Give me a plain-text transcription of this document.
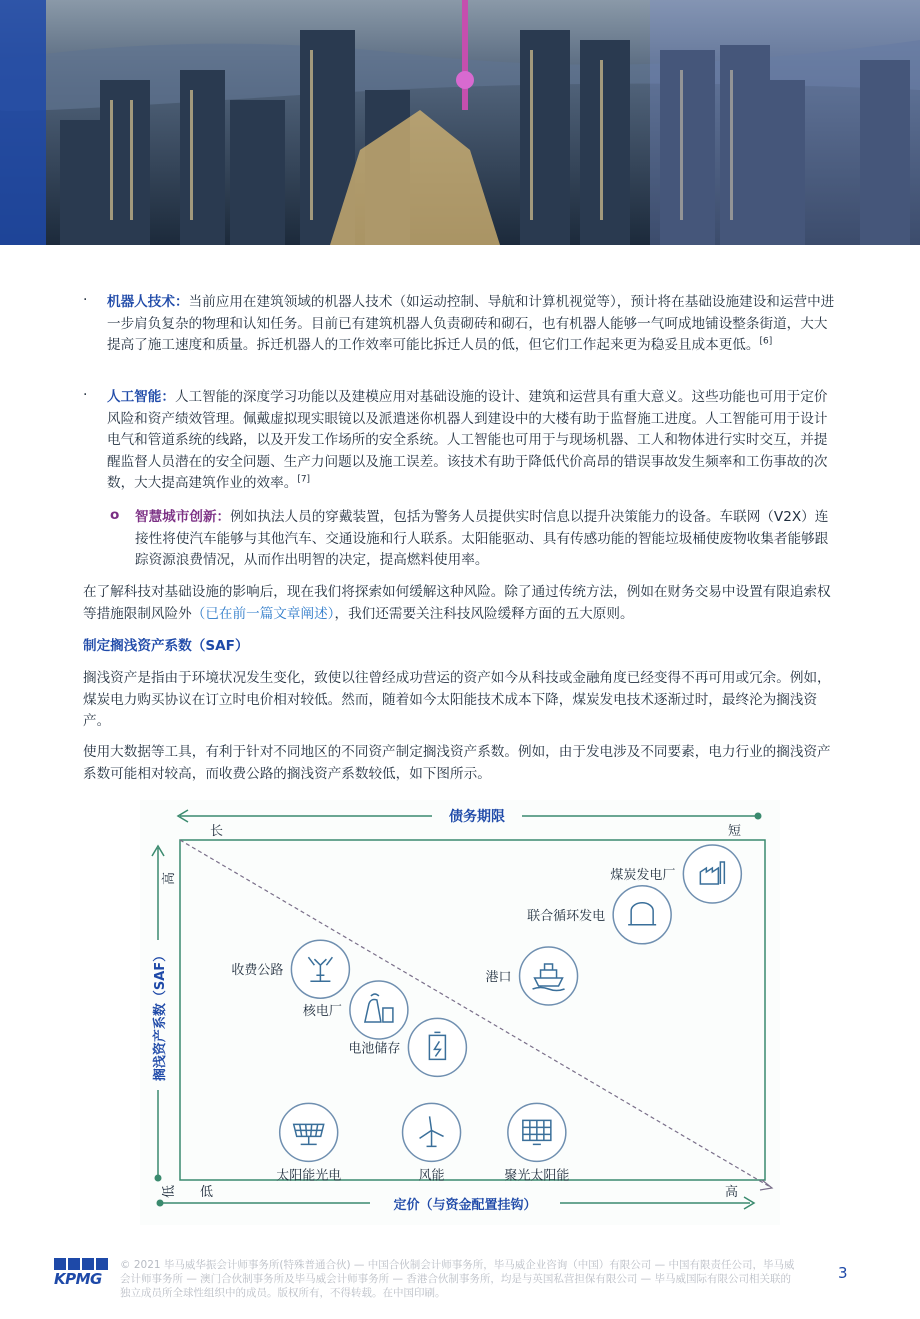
· 机器人技术：当前应用在建筑领域的机器人技术（如运动控制、导航和计算机视觉等），预计将在基础设施建设和运营中进一步肩负复杂的物理和认知任务。目前已有建筑机器人负责砌砖和砌石，也有机器人能够一气呵成地铺设整条街道，大大提高了施工速度和质量。拆迁机器人的工作效率可能比拆迁人员的低，但它们工作起来更为稳妥且成本更低。[6]
· 人工智能：人工智能的深度学习功能以及建模应用对基础设施的设计、建筑和运营具有重大意义。这些功能也可用于定价风险和资产绩效管理。佩戴虚拟现实眼镜以及派遣迷你机器人到建设中的大楼有助于监督施工进度。人工智能可用于设计电气和管道系统的线路，以及开发工作场所的安全系统。人工智能也可用于与现场机器、工人和物体进行实时交互，并提醒监督人员潜在的安全问题、生产力问题以及施工误差。该技术有助于降低代价高昂的错误事故发生频率和工伤事故的次数，大大提高建筑作业的效率。[7]
o 智慧城市创新：例如执法人员的穿戴装置，包括为警务人员提供实时信息以提升决策能力的设备。车联网（V2X）连接性将使汽车能够与其他汽车、交通设施和行人联系。太阳能驱动、具有传感功能的智能垃圾桶使废物收集者能够跟踪资源浪费情况，从而作出明智的决定，提高燃料使用率。
在了解科技对基础设施的影响后，现在我们将探索如何缓解这种风险。除了通过传统方法，例如在财务交易中设置有限追索权等措施限制风险外（已在前一篇文章阐述），我们还需要关注科技风险缓释方面的五大原则。
制定搁浅资产系数（SAF）
搁浅资产是指由于环境状况发生变化，致使以往曾经成功营运的资产如今从科技或金融角度已经变得不再可用或冗余。例如，煤炭电力购买协议在订立时电价相对较低。然而，随着如今太阳能技术成本下降，煤炭发电技术逐渐过时，最终沦为搁浅资产。
使用大数据等工具，有利于针对不同地区的不同资产制定搁浅资产系数。例如，由于发电涉及不同要素，电力行业的搁浅资产系数可能相对较高，而收费公路的搁浅资产系数较低，如下图所示。
债务期限
长	短
高
低
搁浅资产系数（SAF）
低	高
定价（与资金配置挂钩）
煤炭发电厂
联合循环发电
港口
收费公路
核电厂
电池储存
太阳能光电	风能	聚光太阳能
KPMG
© 2021 毕马威华振会计师事务所(特殊普通合伙) — 中国合伙制会计师事务所，毕马威企业咨询（中国）有限公司 — 中国有限责任公司，毕马威会计师事务所 — 澳门合伙制事务所及毕马威会计师事务所 — 香港合伙制事务所，均是与英国私营担保有限公司 — 毕马威国际有限公司相关联的独立成员所全球性组织中的成员。版权所有，不得转载。在中国印刷。
3
